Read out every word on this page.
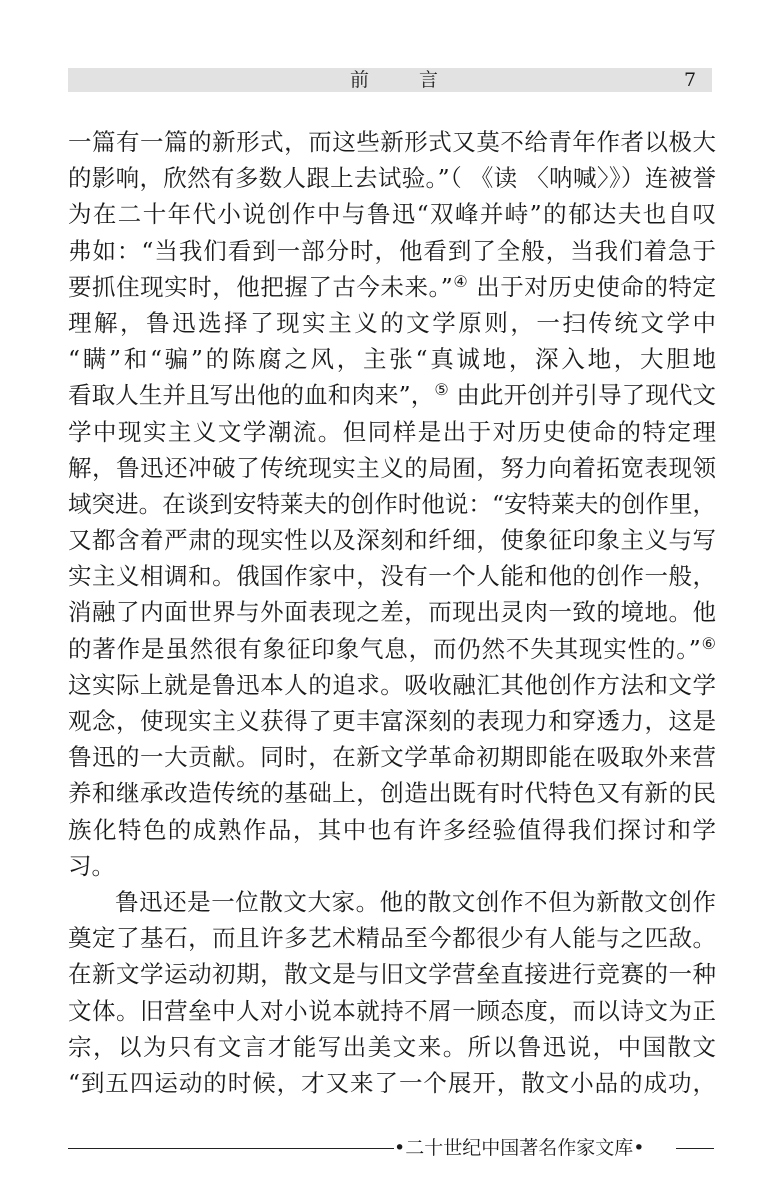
前 言	7
一篇有一篇的新形式，而这些新形式又莫不给青年作者以极大
的影响，欣然有多数人跟上去试验。”（ 《读 〈呐喊〉》）连被誉
为在二十年代小说创作中与鲁迅“双峰并峙”的郁达夫也自叹
弗如：“当我们看到一部分时，他看到了全般，当我们着急于
要抓住现实时，他把握了古今未来。”④ 出于对历史使命的特定
理解，鲁迅选择了现实主义的文学原则，一扫传统文学中
“瞒”和“骗”的陈腐之风，主张“真诚地，深入地，大胆地
看取人生并且写出他的血和肉来”，⑤ 由此开创并引导了现代文
学中现实主义文学潮流。但同样是出于对历史使命的特定理
解，鲁迅还冲破了传统现实主义的局囿，努力向着拓宽表现领
域突进。在谈到安特莱夫的创作时他说：“安特莱夫的创作里，
又都含着严肃的现实性以及深刻和纤细，使象征印象主义与写
实主义相调和。俄国作家中，没有一个人能和他的创作一般，
消融了内面世界与外面表现之差，而现出灵肉一致的境地。他
的著作是虽然很有象征印象气息，而仍然不失其现实性的。”⑥
这实际上就是鲁迅本人的追求。吸收融汇其他创作方法和文学
观念，使现实主义获得了更丰富深刻的表现力和穿透力，这是
鲁迅的一大贡献。同时，在新文学革命初期即能在吸取外来营
养和继承改造传统的基础上，创造出既有时代特色又有新的民
族化特色的成熟作品，其中也有许多经验值得我们探讨和学
习。
鲁迅还是一位散文大家。他的散文创作不但为新散文创作
奠定了基石，而且许多艺术精品至今都很少有人能与之匹敌。
在新文学运动初期，散文是与旧文学营垒直接进行竞赛的一种
文体。旧营垒中人对小说本就持不屑一顾态度，而以诗文为正
宗，以为只有文言才能写出美文来。所以鲁迅说，中国散文
“到五四运动的时候，才又来了一个展开，散文小品的成功，
•二十世纪中国著名作家文库•
